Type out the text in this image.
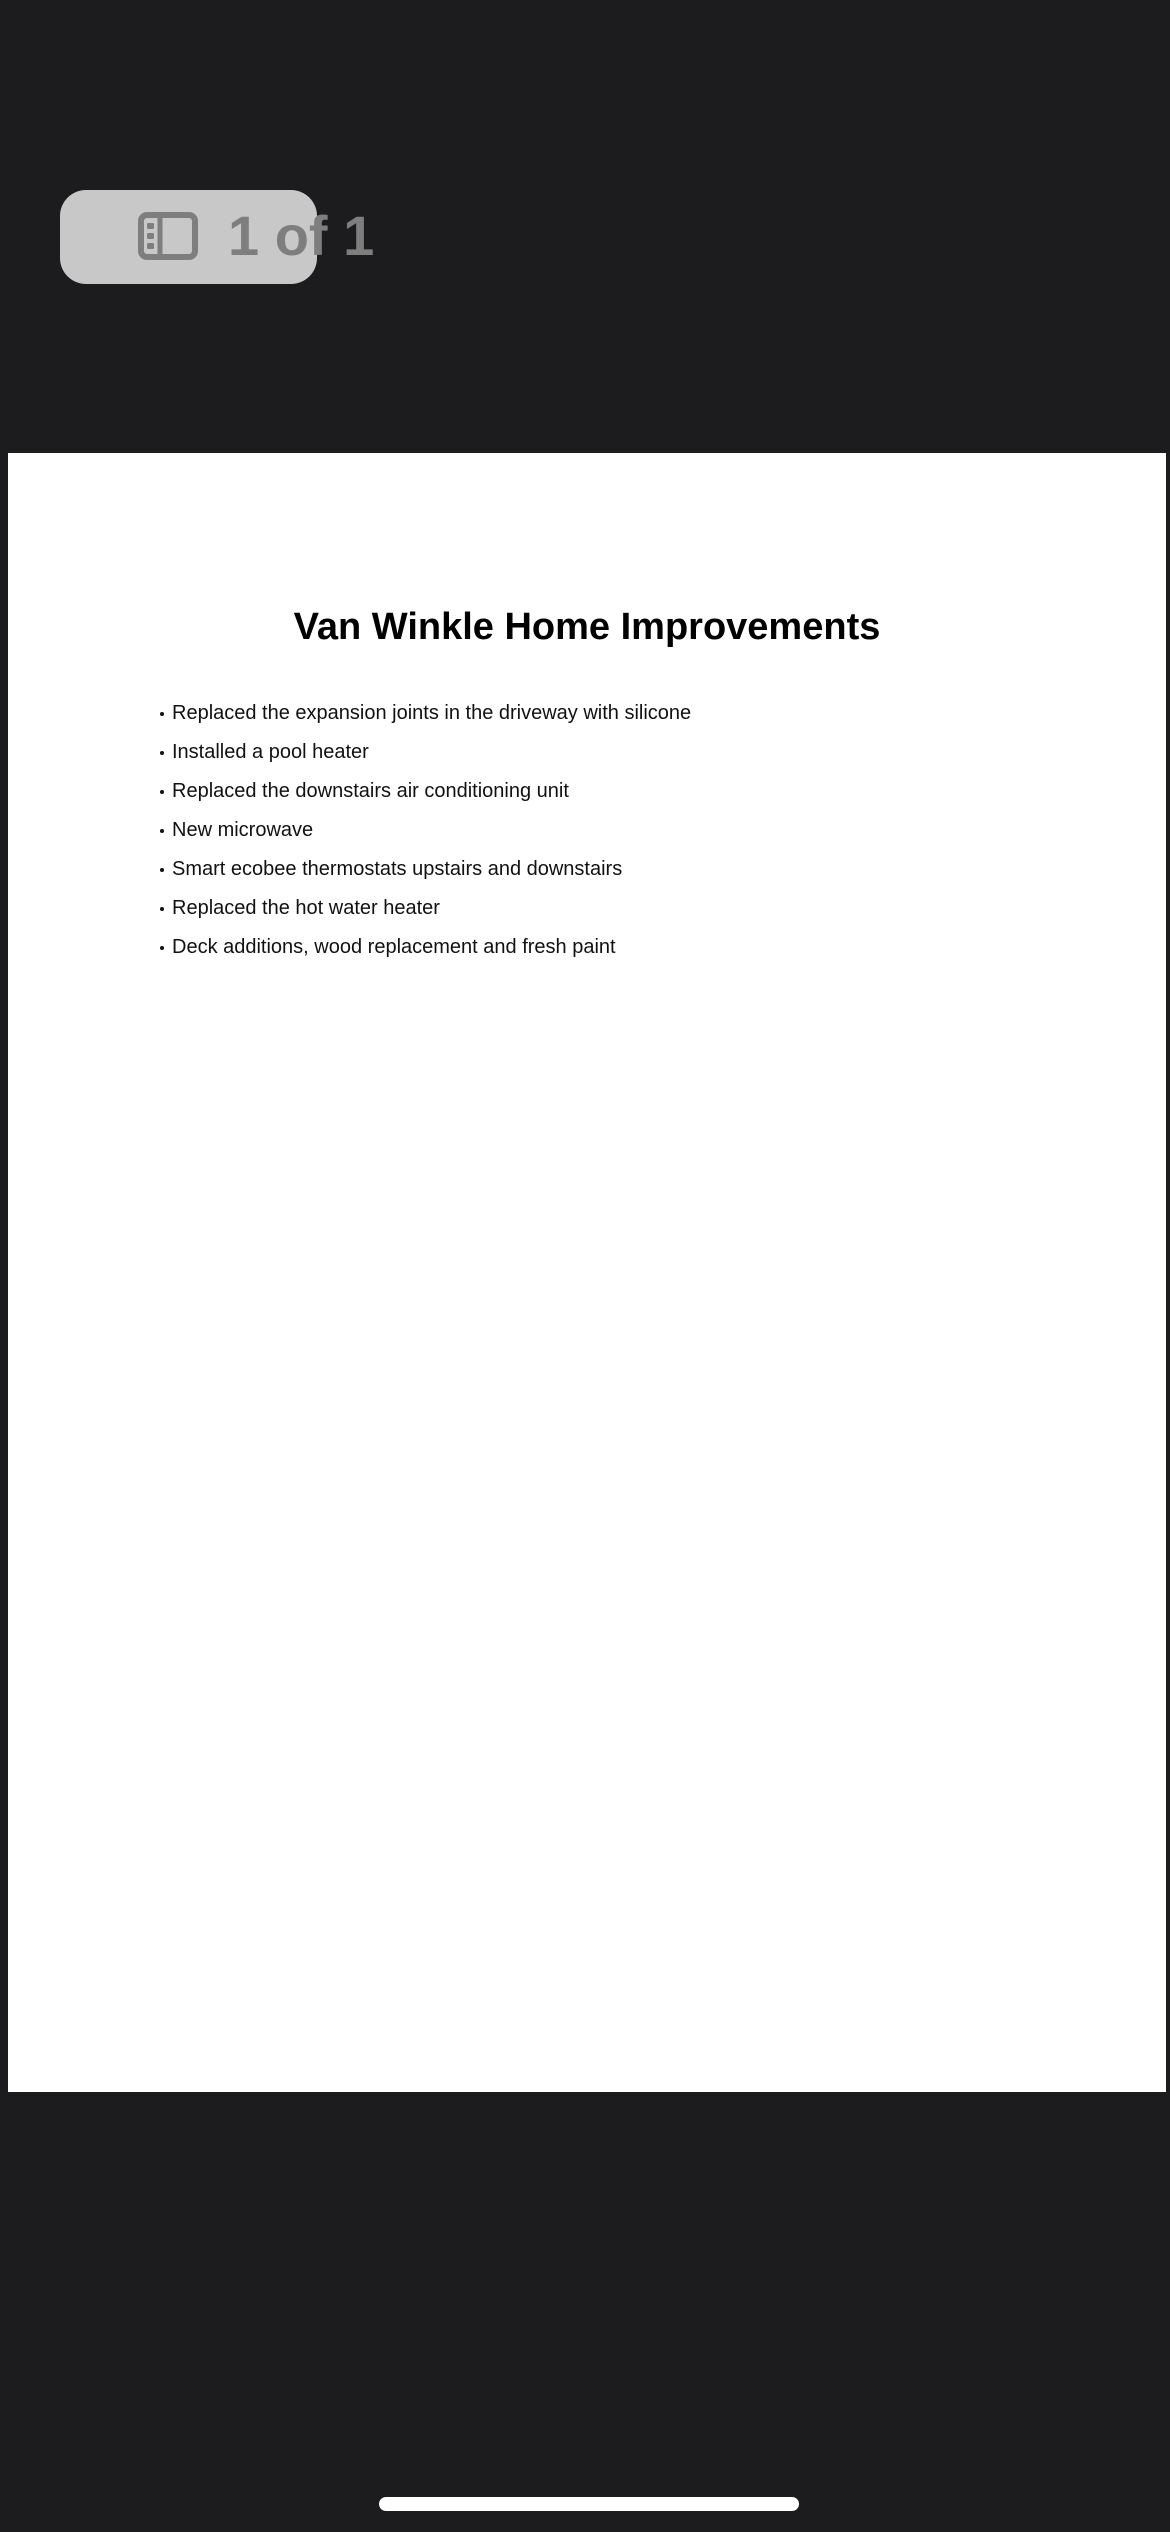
1 of 1
Van Winkle Home Improvements
Replaced the expansion joints in the driveway with silicone
Installed a pool heater
Replaced the downstairs air conditioning unit
New microwave
Smart ecobee thermostats upstairs and downstairs
Replaced the hot water heater
Deck additions, wood replacement and fresh paint
